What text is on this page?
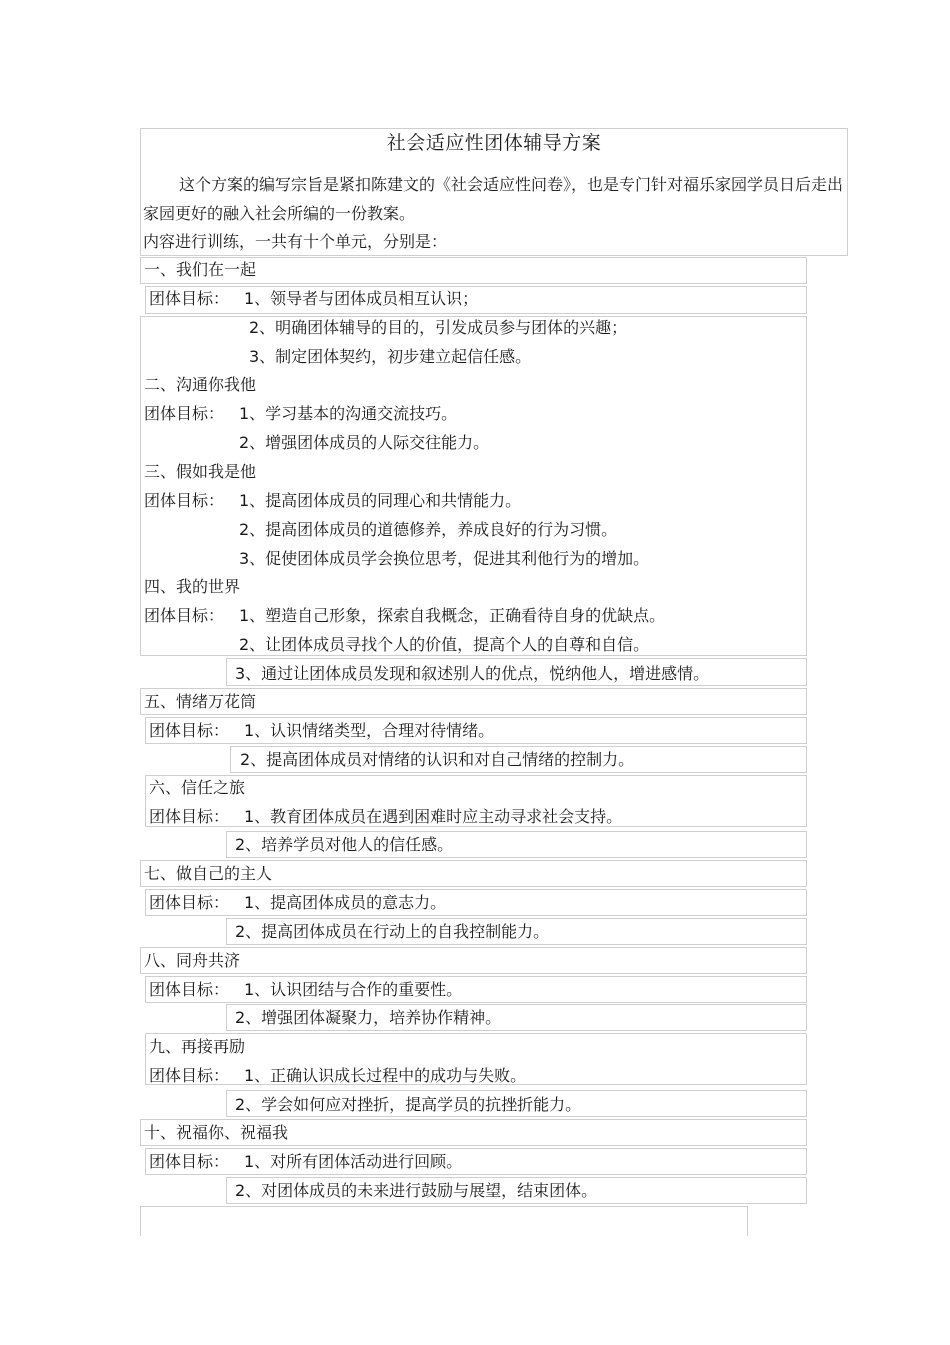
社会适应性团体辅导方案
这个方案的编写宗旨是紧扣陈建文的《社会适应性问卷》，也是专门针对福乐家园学员日后走出家园更好的融入社会所编的一份教案。
内容进行训练，一共有十个单元，分别是：
一、我们在一起
团体目标： 1、领导者与团体成员相互认识；
2、明确团体辅导的目的，引发成员参与团体的兴趣；
3、制定团体契约，初步建立起信任感。
二、沟通你我他
团体目标： 1、学习基本的沟通交流技巧。
2、增强团体成员的人际交往能力。
三、假如我是他
团体目标： 1、提高团体成员的同理心和共情能力。
2、提高团体成员的道德修养，养成良好的行为习惯。
3、促使团体成员学会换位思考，促进其利他行为的增加。
四、我的世界
团体目标： 1、塑造自己形象，探索自我概念，正确看待自身的优缺点。
2、让团体成员寻找个人的价值，提高个人的自尊和自信。
3、通过让团体成员发现和叙述别人的优点，悦纳他人，增进感情。
五、情绪万花筒
团体目标： 1、认识情绪类型，合理对待情绪。
2、提高团体成员对情绪的认识和对自己情绪的控制力。
六、信任之旅
团体目标： 1、教育团体成员在遇到困难时应主动寻求社会支持。
2、培养学员对他人的信任感。
七、做自己的主人
团体目标： 1、提高团体成员的意志力。
2、提高团体成员在行动上的自我控制能力。
八、同舟共济
团体目标： 1、认识团结与合作的重要性。
2、增强团体凝聚力，培养协作精神。
九、再接再励
团体目标： 1、正确认识成长过程中的成功与失败。
2、学会如何应对挫折，提高学员的抗挫折能力。
十、祝福你、祝福我
团体目标： 1、对所有团体活动进行回顾。
2、对团体成员的未来进行鼓励与展望，结束团体。
